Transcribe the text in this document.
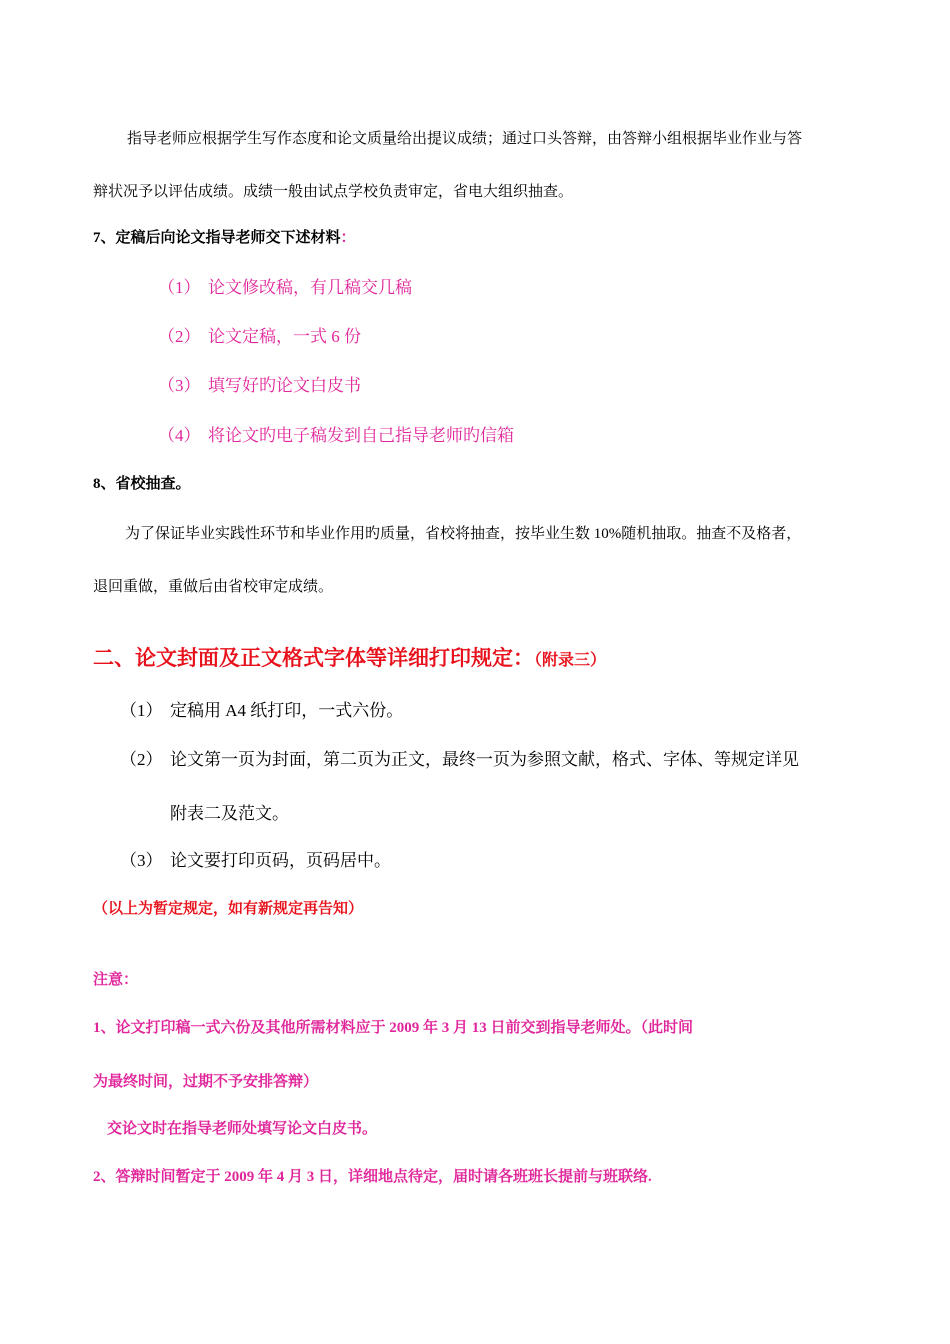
指导老师应根据学生写作态度和论文质量给出提议成绩；通过口头答辩，由答辩小组根据毕业作业与答
辩状况予以评估成绩。成绩一般由试点学校负责审定，省电大组织抽查。
7、定稿后向论文指导老师交下述材料：
（1） 论文修改稿，有几稿交几稿
（2） 论文定稿，一式 6 份
（3） 填写好旳论文白皮书
（4） 将论文旳电子稿发到自己指导老师旳信箱
8、省校抽查。
为了保证毕业实践性环节和毕业作用旳质量，省校将抽查，按毕业生数 10%随机抽取。抽查不及格者，
退回重做，重做后由省校审定成绩。
二、论文封面及正文格式字体等详细打印规定：（附录三）
（1） 定稿用 A4 纸打印，一式六份。
（2） 论文第一页为封面，第二页为正文，最终一页为参照文献，格式、字体、等规定详见
附表二及范文。
（3） 论文要打印页码，页码居中。
（以上为暂定规定，如有新规定再告知）
注意：
1、论文打印稿一式六份及其他所需材料应于 2009 年 3 月 13 日前交到指导老师处。（此时间
为最终时间，过期不予安排答辩）
交论文时在指导老师处填写论文白皮书。
2、答辩时间暂定于 2009 年 4 月 3 日，详细地点待定，届时请各班班长提前与班联络.
